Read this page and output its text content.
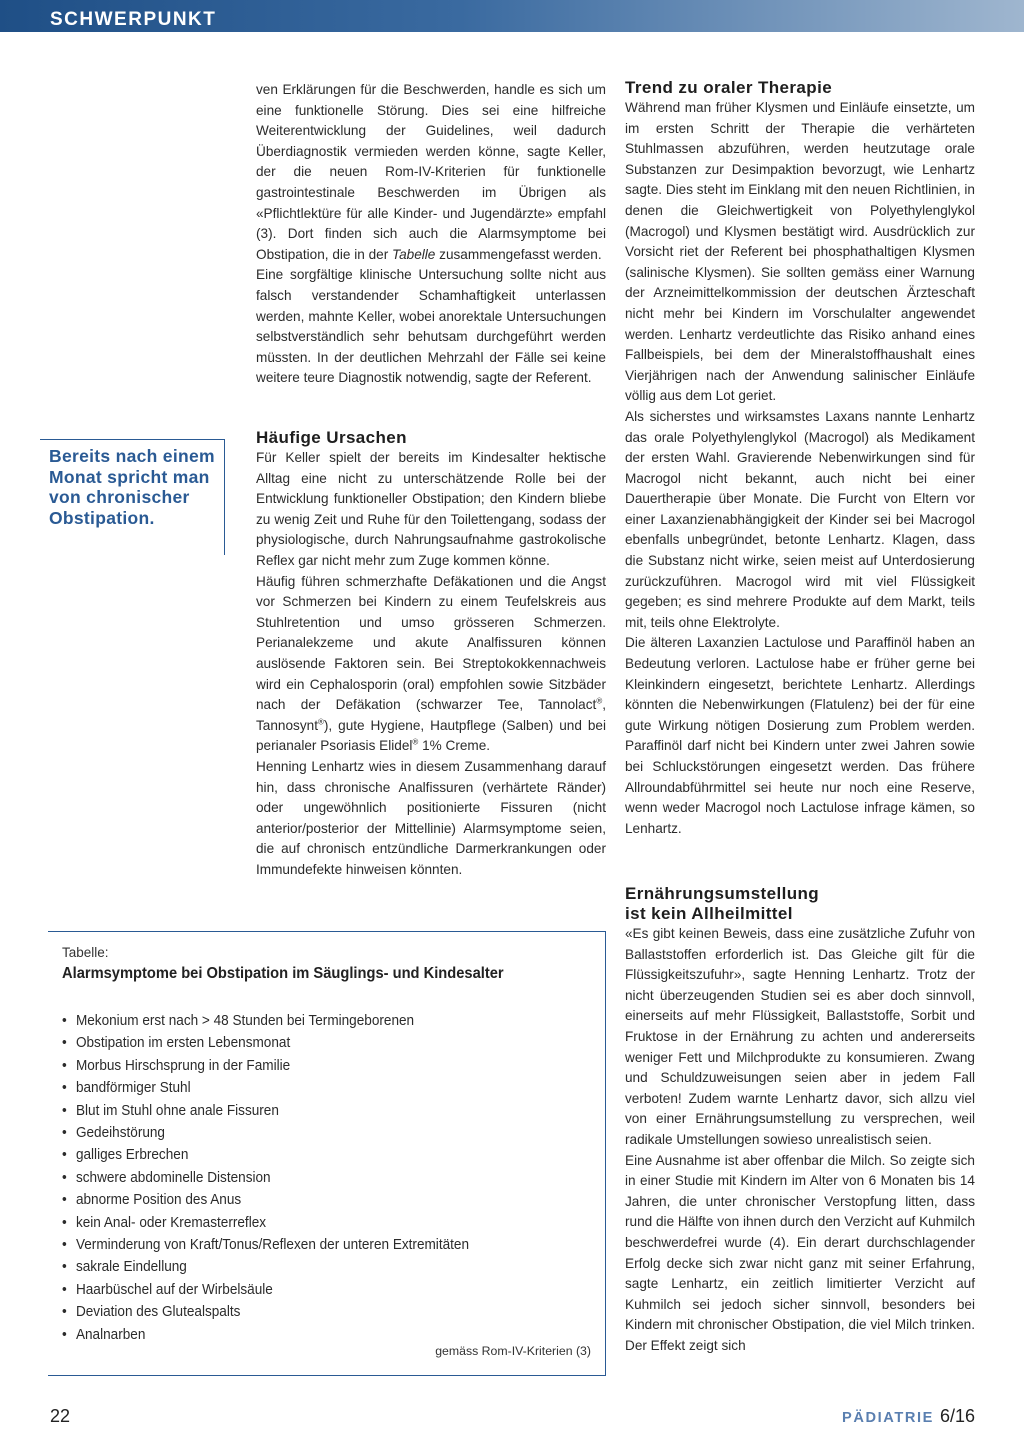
SCHWERPUNKT

ven Erklärungen für die Beschwerden, handle es sich um eine funktionelle Störung. Dies sei eine hilfreiche Weiterentwicklung der Guidelines, weil dadurch Überdiagnostik vermieden werden könne, sagte Keller, der die neuen Rom-IV-Kriterien für funktionelle gastrointestinale Beschwerden im Übrigen als «Pflichtlektüre für alle Kinder- und Jugendärzte» empfahl (3). Dort finden sich auch die Alarmsymptome bei Obstipation, die in der Tabelle zusammengefasst werden.

Eine sorgfältige klinische Untersuchung sollte nicht aus falsch verstandender Schamhaftigkeit unterlassen werden, mahnte Keller, wobei anorektale Untersuchungen selbstverständlich sehr behutsam durchgeführt werden müssten. In der deutlichen Mehrzahl der Fälle sei keine weitere teure Diagnostik notwendig, sagte der Referent.

Häufige Ursachen

Für Keller spielt der bereits im Kindesalter hektische Alltag eine nicht zu unterschätzende Rolle bei der Entwicklung funktioneller Obstipation; den Kindern bliebe zu wenig Zeit und Ruhe für den Toilettengang, sodass der physiologische, durch Nahrungsaufnahme gastrokolische Reflex gar nicht mehr zum Zuge kommen könne.

Häufig führen schmerzhafte Defäkationen und die Angst vor Schmerzen bei Kindern zu einem Teufelskreis aus Stuhlretention und umso grösseren Schmerzen. Perianalekzeme und akute Analfissuren können auslösende Faktoren sein. Bei Streptokokkennachweis wird ein Cephalosporin (oral) empfohlen sowie Sitzbäder nach der Defäkation (schwarzer Tee, Tannolact®, Tannosynt®), gute Hygiene, Hautpflege (Salben) und bei perianaler Psoriasis Elidel® 1% Creme.

Henning Lenhartz wies in diesem Zusammenhang darauf hin, dass chronische Analfissuren (verhärtete Ränder) oder ungewöhnlich positionierte Fissuren (nicht anterior/posterior der Mittellinie) Alarmsymptome seien, die auf chronisch entzündliche Darmerkrankungen oder Immundefekte hinweisen könnten.

Trend zu oraler Therapie

Während man früher Klysmen und Einläufe einsetzte, um im ersten Schritt der Therapie die verhärteten Stuhlmassen abzuführen, werden heutzutage orale Substanzen zur Desimpaktion bevorzugt, wie Lenhartz sagte. Dies steht im Einklang mit den neuen Richtlinien, in denen die Gleichwertigkeit von Polyethylenglykol (Macrogol) und Klysmen bestätigt wird. Ausdrücklich zur Vorsicht riet der Referent bei phosphathaltigen Klysmen (salinische Klysmen). Sie sollten gemäss einer Warnung der Arzneimittelkommission der deutschen Ärzteschaft nicht mehr bei Kindern im Vorschulalter angewendet werden. Lenhartz verdeutlichte das Risiko anhand eines Fallbeispiels, bei dem der Mineralstoffhaushalt eines Vierjährigen nach der Anwendung salinischer Einläufe völlig aus dem Lot geriet.

Als sicherstes und wirksamstes Laxans nannte Lenhartz das orale Polyethylenglykol (Macrogol) als Medikament der ersten Wahl. Gravierende Nebenwirkungen sind für Macrogol nicht bekannt, auch nicht bei einer Dauertherapie über Monate. Die Furcht von Eltern vor einer Laxanzienabhängigkeit der Kinder sei bei Macrogol ebenfalls unbegründet, betonte Lenhartz. Klagen, dass die Substanz nicht wirke, seien meist auf Unterdosierung zurückzuführen. Macrogol wird mit viel Flüssigkeit gegeben; es sind mehrere Produkte auf dem Markt, teils mit, teils ohne Elektrolyte.

Die älteren Laxanzien Lactulose und Paraffinöl haben an Bedeutung verloren. Lactulose habe er früher gerne bei Kleinkindern eingesetzt, berichtete Lenhartz. Allerdings könnten die Nebenwirkungen (Flatulenz) bei der für eine gute Wirkung nötigen Dosierung zum Problem werden. Paraffinöl darf nicht bei Kindern unter zwei Jahren sowie bei Schluckstörungen eingesetzt werden. Das frühere Allroundabführmittel sei heute nur noch eine Reserve, wenn weder Macrogol noch Lactulose infrage kämen, so Lenhartz.

Ernährungsumstellung
ist kein Allheilmittel

«Es gibt keinen Beweis, dass eine zusätzliche Zufuhr von Ballaststoffen erforderlich ist. Das Gleiche gilt für die Flüssigkeitszufuhr», sagte Henning Lenhartz. Trotz der nicht überzeugenden Studien sei es aber doch sinnvoll, einerseits auf mehr Flüssigkeit, Ballaststoffe, Sorbit und Fruktose in der Ernährung zu achten und andererseits weniger Fett und Milchprodukte zu konsumieren. Zwang und Schuldzuweisungen seien aber in jedem Fall verboten! Zudem warnte Lenhartz davor, sich allzu viel von einer Ernährungsumstellung zu versprechen, weil radikale Umstellungen sowieso unrealistisch seien.

Eine Ausnahme ist aber offenbar die Milch. So zeigte sich in einer Studie mit Kindern im Alter von 6 Monaten bis 14 Jahren, die unter chronischer Verstopfung litten, dass rund die Hälfte von ihnen durch den Verzicht auf Kuhmilch beschwerdefrei wurde (4). Ein derart durchschlagender Erfolg decke sich zwar nicht ganz mit seiner Erfahrung, sagte Lenhartz, ein zeitlich limitierter Verzicht auf Kuhmilch sei jedoch sicher sinnvoll, besonders bei Kindern mit chronischer Obstipation, die viel Milch trinken. Der Effekt zeigt sich

Bereits nach einem Monat spricht man von chronischer Obstipation.

Tabelle:
Alarmsymptome bei Obstipation im Säuglings- und Kindesalter
• Mekonium erst nach > 48 Stunden bei Termingeborenen
• Obstipation im ersten Lebensmonat
• Morbus Hirschsprung in der Familie
• bandförmiger Stuhl
• Blut im Stuhl ohne anale Fissuren
• Gedeihstörung
• galliges Erbrechen
• schwere abdominelle Distension
• abnorme Position des Anus
• kein Anal- oder Kremasterreflex
• Verminderung von Kraft/Tonus/Reflexen der unteren Extremitäten
• sakrale Eindellung
• Haarbüschel auf der Wirbelsäule
• Deviation des Glutealspalts
• Analnarben
gemäss Rom-IV-Kriterien (3)
22	PÄDIATRIE 6/16
